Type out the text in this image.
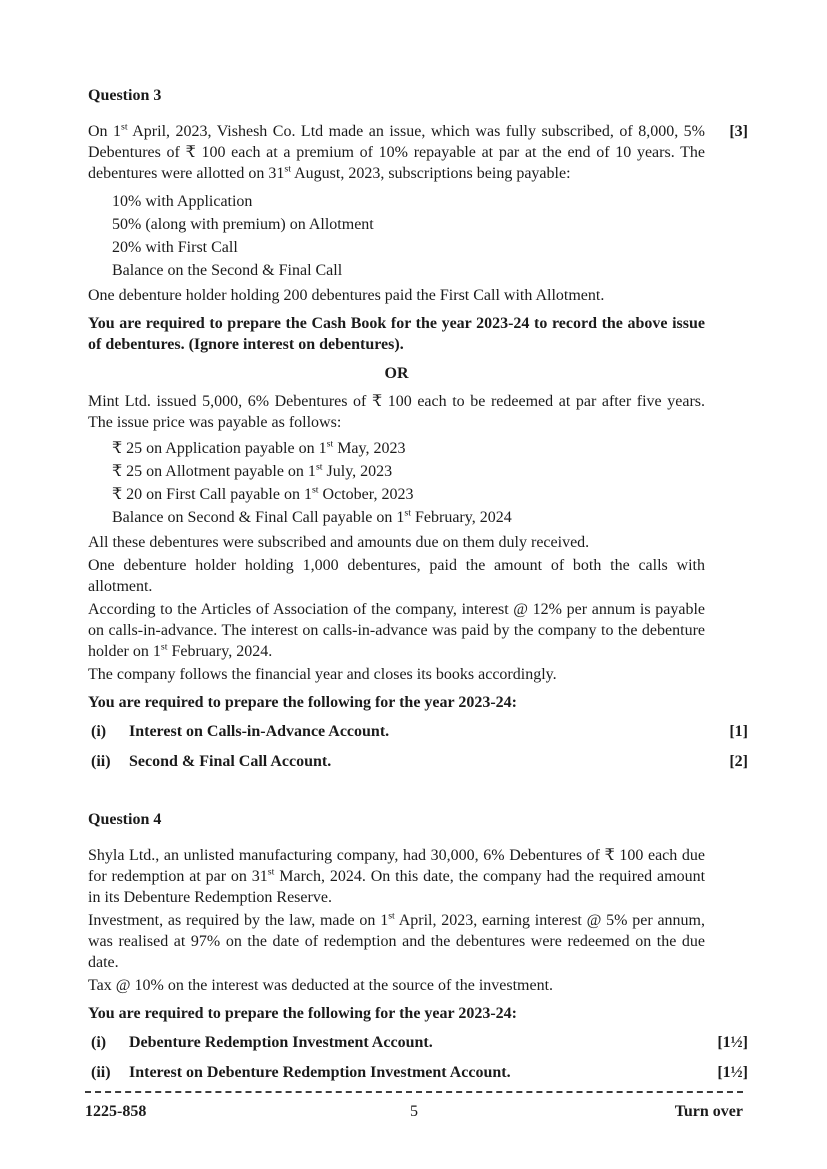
Question 3

On 1st April, 2023, Vishesh Co. Ltd made an issue, which was fully subscribed, of 8,000, 5% Debentures of ₹ 100 each at a premium of 10% repayable at par at the end of 10 years. The debentures were allotted on 31st August, 2023, subscriptions being payable:

[3]

10% with Application

50% (along with premium) on Allotment

20% with First Call

Balance on the Second & Final Call

One debenture holder holding 200 debentures paid the First Call with Allotment.

You are required to prepare the Cash Book for the year 2023-24 to record the above issue of debentures. (Ignore interest on debentures).

OR

Mint Ltd. issued 5,000, 6% Debentures of ₹ 100 each to be redeemed at par after five years. The issue price was payable as follows:

₹ 25 on Application payable on 1st May, 2023

₹ 25 on Allotment payable on 1st July, 2023

₹ 20 on First Call payable on 1st October, 2023

Balance on Second & Final Call payable on 1st February, 2024

All these debentures were subscribed and amounts due on them duly received.

One debenture holder holding 1,000 debentures, paid the amount of both the calls with allotment.

According to the Articles of Association of the company, interest @ 12% per annum is payable on calls-in-advance. The interest on calls-in-advance was paid by the company to the debenture holder on 1st February, 2024.

The company follows the financial year and closes its books accordingly.

You are required to prepare the following for the year 2023-24:

(i)	Interest on Calls-in-Advance Account.	[1]
(ii)	Second & Final Call Account.	[2]
Question 4

Shyla Ltd., an unlisted manufacturing company, had 30,000, 6% Debentures of ₹ 100 each due for redemption at par on 31st March, 2024. On this date, the company had the required amount in its Debenture Redemption Reserve.

Investment, as required by the law, made on 1st April, 2023, earning interest @ 5% per annum, was realised at 97% on the date of redemption and the debentures were redeemed on the due date.

Tax @ 10% on the interest was deducted at the source of the investment.

You are required to prepare the following for the year 2023-24:

(i)	Debenture Redemption Investment Account.	[1½]
(ii)	Interest on Debenture Redemption Investment Account.	[1½]
1225-858	5	Turn over
